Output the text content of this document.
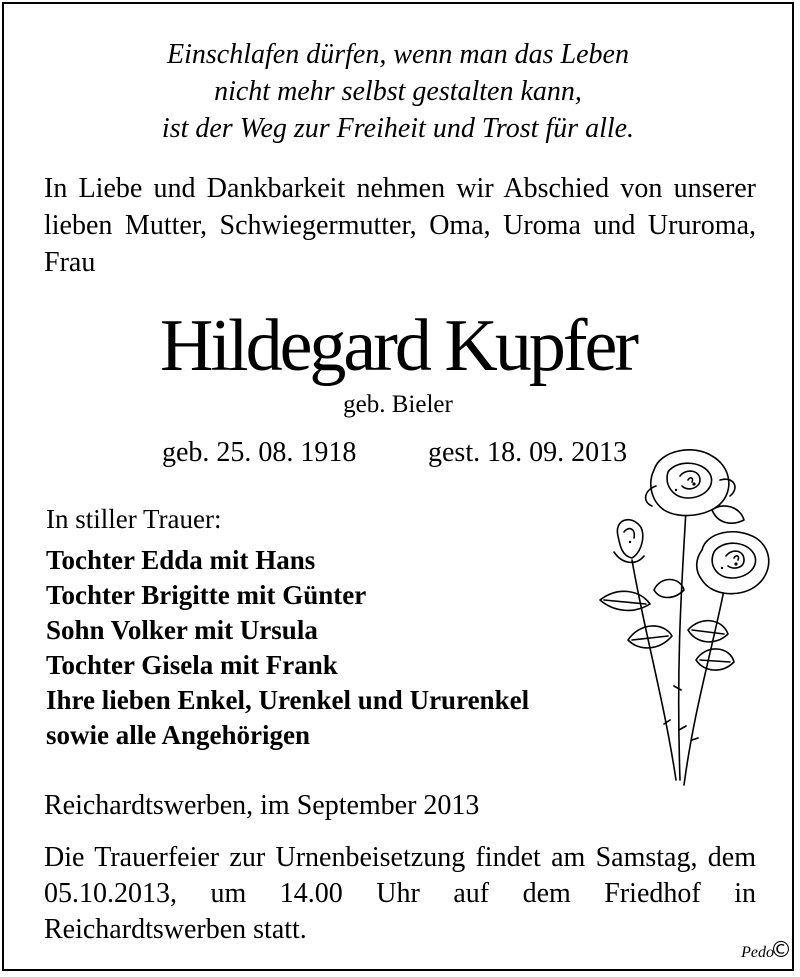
Einschlafen dürfen, wenn man das Leben
nicht mehr selbst gestalten kann,
ist der Weg zur Freiheit und Trost für alle.
In Liebe und Dankbarkeit nehmen wir Abschied von unserer lieben Mutter, Schwiegermutter, Oma, Uroma und Ururoma, Frau
Hildegard Kupfer
geb. Bieler
geb. 25. 08. 1918	gest. 18. 09. 2013
In stiller Trauer:
Tochter Edda mit Hans
Tochter Brigitte mit Günter
Sohn Volker mit Ursula
Tochter Gisela mit Frank
Ihre lieben Enkel, Urenkel und Ururenkel
sowie alle Angehörigen
Reichardtswerben, im September 2013
Die Trauerfeier zur Urnenbeisetzung findet am Samstag, dem 05.10.2013, um 14.00 Uhr auf dem Friedhof in Reichardtswerben statt.
Pedo
©
